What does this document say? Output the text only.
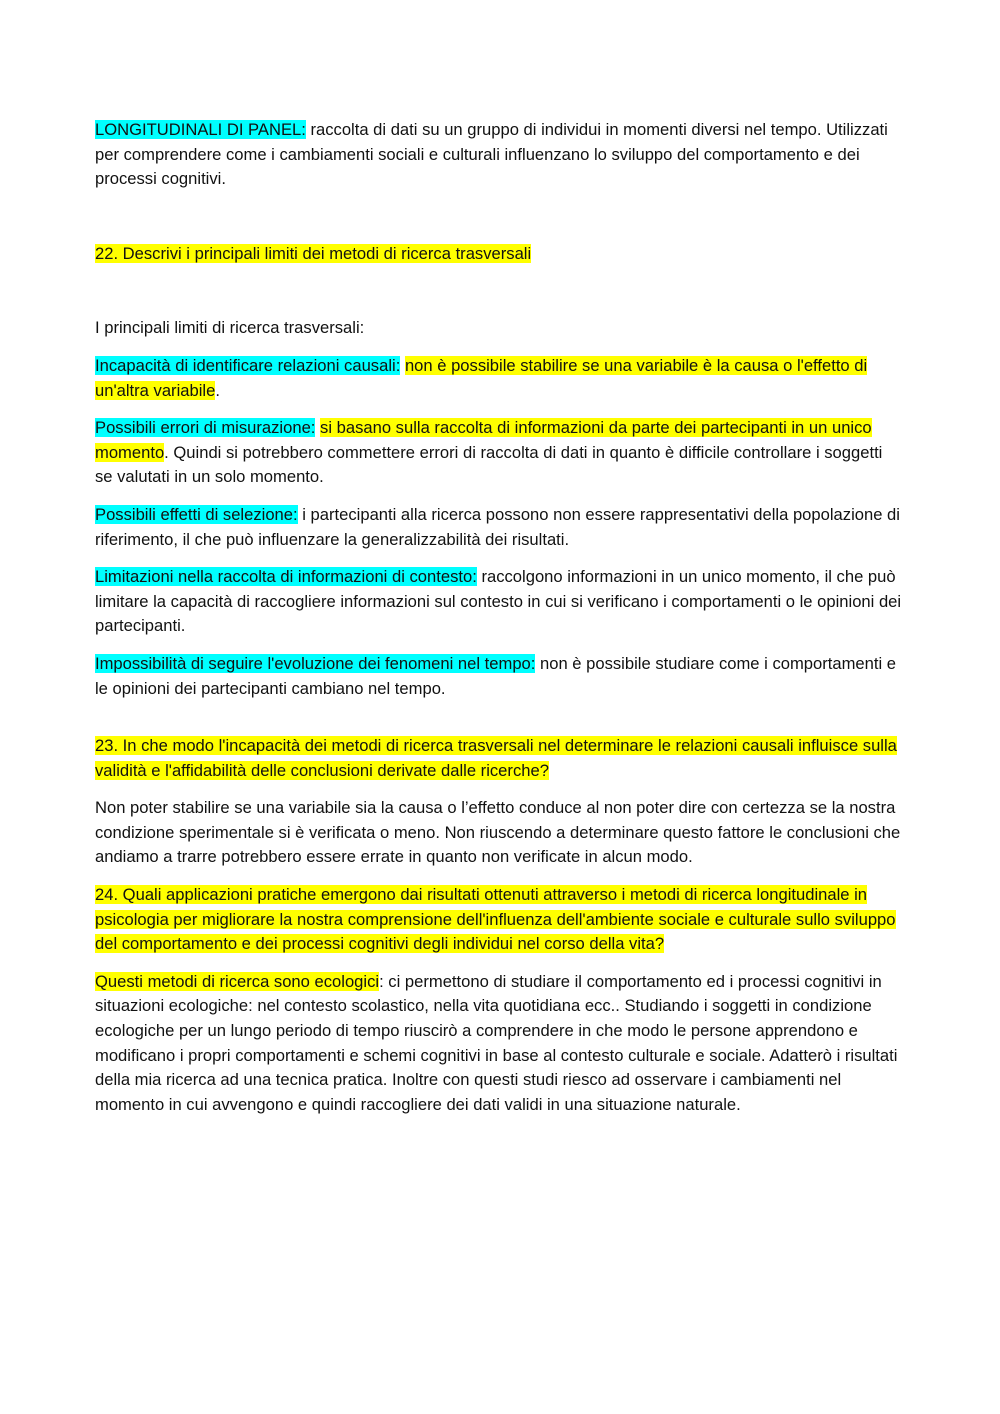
LONGITUDINALI DI PANEL: raccolta di dati su un gruppo di individui in momenti diversi nel tempo. Utilizzati per comprendere come i cambiamenti sociali e culturali influenzano lo sviluppo del comportamento e dei processi cognitivi.

22. Descrivi i principali limiti dei metodi di ricerca trasversali

I principali limiti di ricerca trasversali:

Incapacità di identificare relazioni causali: non è possibile stabilire se una variabile è la causa o l'effetto di un'altra variabile.

Possibili errori di misurazione: si basano sulla raccolta di informazioni da parte dei partecipanti in un unico momento. Quindi si potrebbero commettere errori di raccolta di dati in quanto è difficile controllare i soggetti se valutati in un solo momento.

Possibili effetti di selezione: i partecipanti alla ricerca possono non essere rappresentativi della popolazione di riferimento, il che può influenzare la generalizzabilità dei risultati.

Limitazioni nella raccolta di informazioni di contesto: raccolgono informazioni in un unico momento, il che può limitare la capacità di raccogliere informazioni sul contesto in cui si verificano i comportamenti o le opinioni dei partecipanti.

Impossibilità di seguire l'evoluzione dei fenomeni nel tempo: non è possibile studiare come i comportamenti e le opinioni dei partecipanti cambiano nel tempo.

23. In che modo l'incapacità dei metodi di ricerca trasversali nel determinare le relazioni causali influisce sulla validità e l'affidabilità delle conclusioni derivate dalle ricerche?

Non poter stabilire se una variabile sia la causa o l’effetto conduce al non poter dire con certezza se la nostra condizione sperimentale si è verificata o meno. Non riuscendo a determinare questo fattore le conclusioni che andiamo a trarre potrebbero essere errate in quanto non verificate in alcun modo.

24. Quali applicazioni pratiche emergono dai risultati ottenuti attraverso i metodi di ricerca longitudinale in psicologia per migliorare la nostra comprensione dell'influenza dell'ambiente sociale e culturale sullo sviluppo del comportamento e dei processi cognitivi degli individui nel corso della vita?

Questi metodi di ricerca sono ecologici: ci permettono di studiare il comportamento ed i processi cognitivi in situazioni ecologiche: nel contesto scolastico, nella vita quotidiana ecc.. Studiando i soggetti in condizione ecologiche per un lungo periodo di tempo riuscirò a comprendere in che modo le persone apprendono e modificano i propri comportamenti e schemi cognitivi in base al contesto culturale e sociale. Adatterò i risultati della mia ricerca ad una tecnica pratica. Inoltre con questi studi riesco ad osservare i cambiamenti nel momento in cui avvengono e quindi raccogliere dei dati validi in una situazione naturale.
